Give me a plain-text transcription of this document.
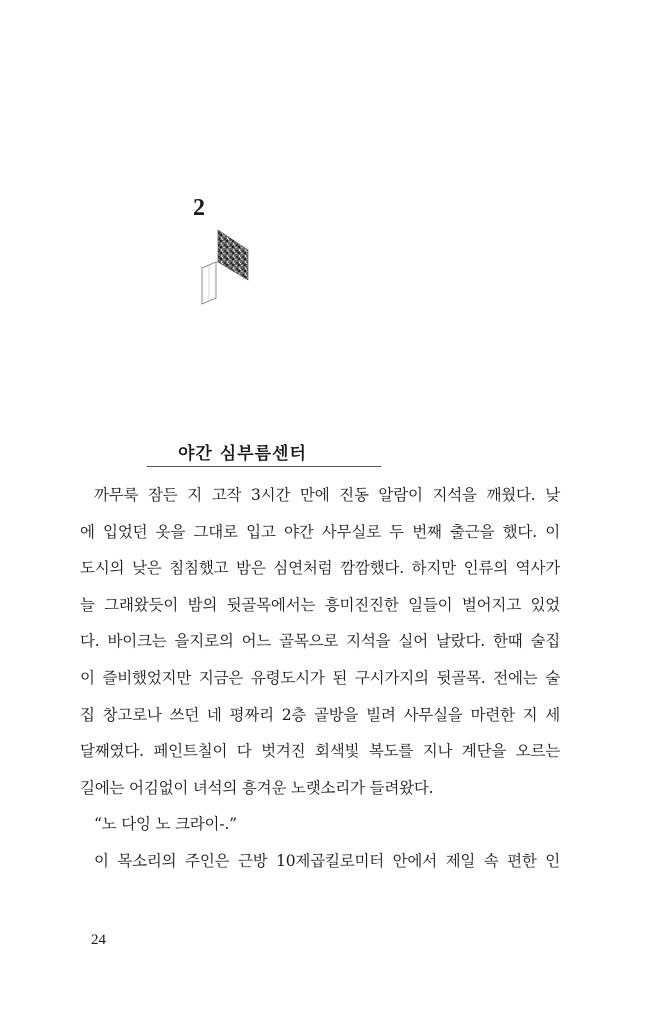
2
야간 심부름센터
까무룩 잠든 지 고작 3시간 만에 진동 알람이 지석을 깨웠다. 낮
에 입었던 옷을 그대로 입고 야간 사무실로 두 번째 출근을 했다. 이
도시의 낮은 침침했고 밤은 심연처럼 깜깜했다. 하지만 인류의 역사가
늘 그래왔듯이 밤의 뒷골목에서는 흥미진진한 일들이 벌어지고 있었
다. 바이크는 을지로의 어느 골목으로 지석을 실어 날랐다. 한때 술집
이 즐비했었지만 지금은 유령도시가 된 구시가지의 뒷골목. 전에는 술
집 창고로나 쓰던 네 평짜리 2층 골방을 빌려 사무실을 마련한 지 세
달째였다. 페인트칠이 다 벗겨진 회색빛 복도를 지나 계단을 오르는
길에는 어김없이 녀석의 흥겨운 노랫소리가 들려왔다.
“노 다잉 노 크라이-.”
이 목소리의 주인은 근방 10제곱킬로미터 안에서 제일 속 편한 인
24
